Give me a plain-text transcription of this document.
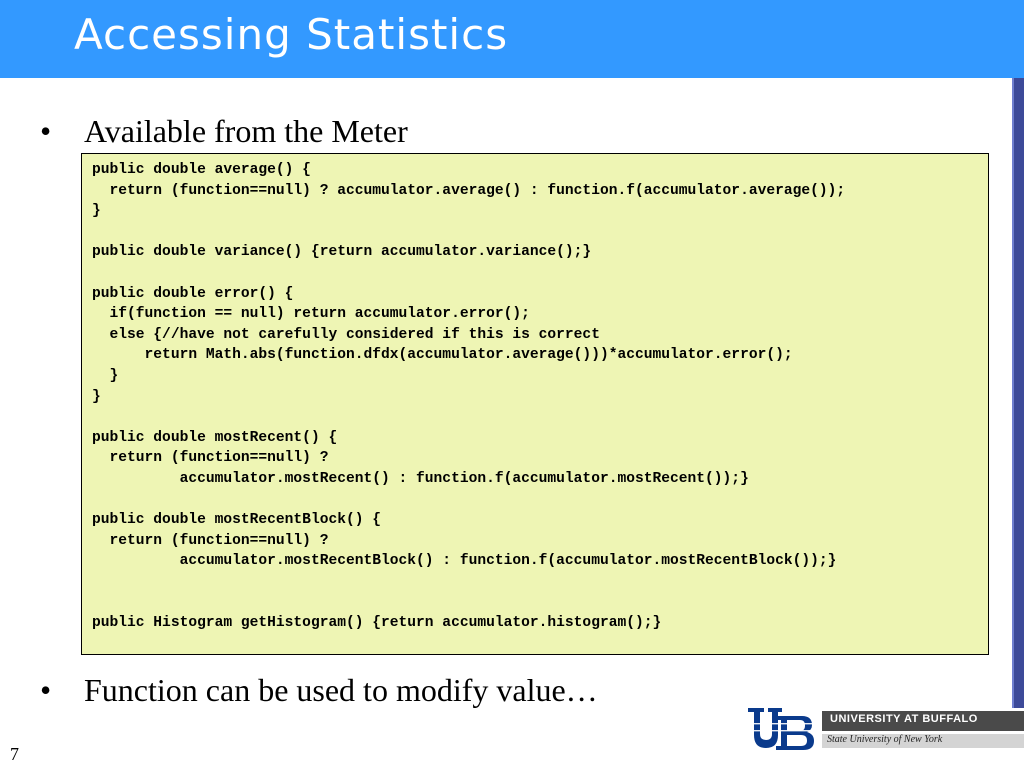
Accessing Statistics
• Available from the Meter
public double average() {
return (function==null) ? accumulator.average() : function.f(accumulator.average());
}

public double variance() {return accumulator.variance();}

public double error() {
if(function == null) return accumulator.error();
else {//have not carefully considered if this is correct
return Math.abs(function.dfdx(accumulator.average()))*accumulator.error();
}
}

public double mostRecent() {
return (function==null) ?
accumulator.mostRecent() : function.f(accumulator.mostRecent());}

public double mostRecentBlock() {
return (function==null) ?
accumulator.mostRecentBlock() : function.f(accumulator.mostRecentBlock());}

public Histogram getHistogram() {return accumulator.histogram();}
• Function can be used to modify value…
7
UNIVERSITY AT BUFFALO
State University of New York
